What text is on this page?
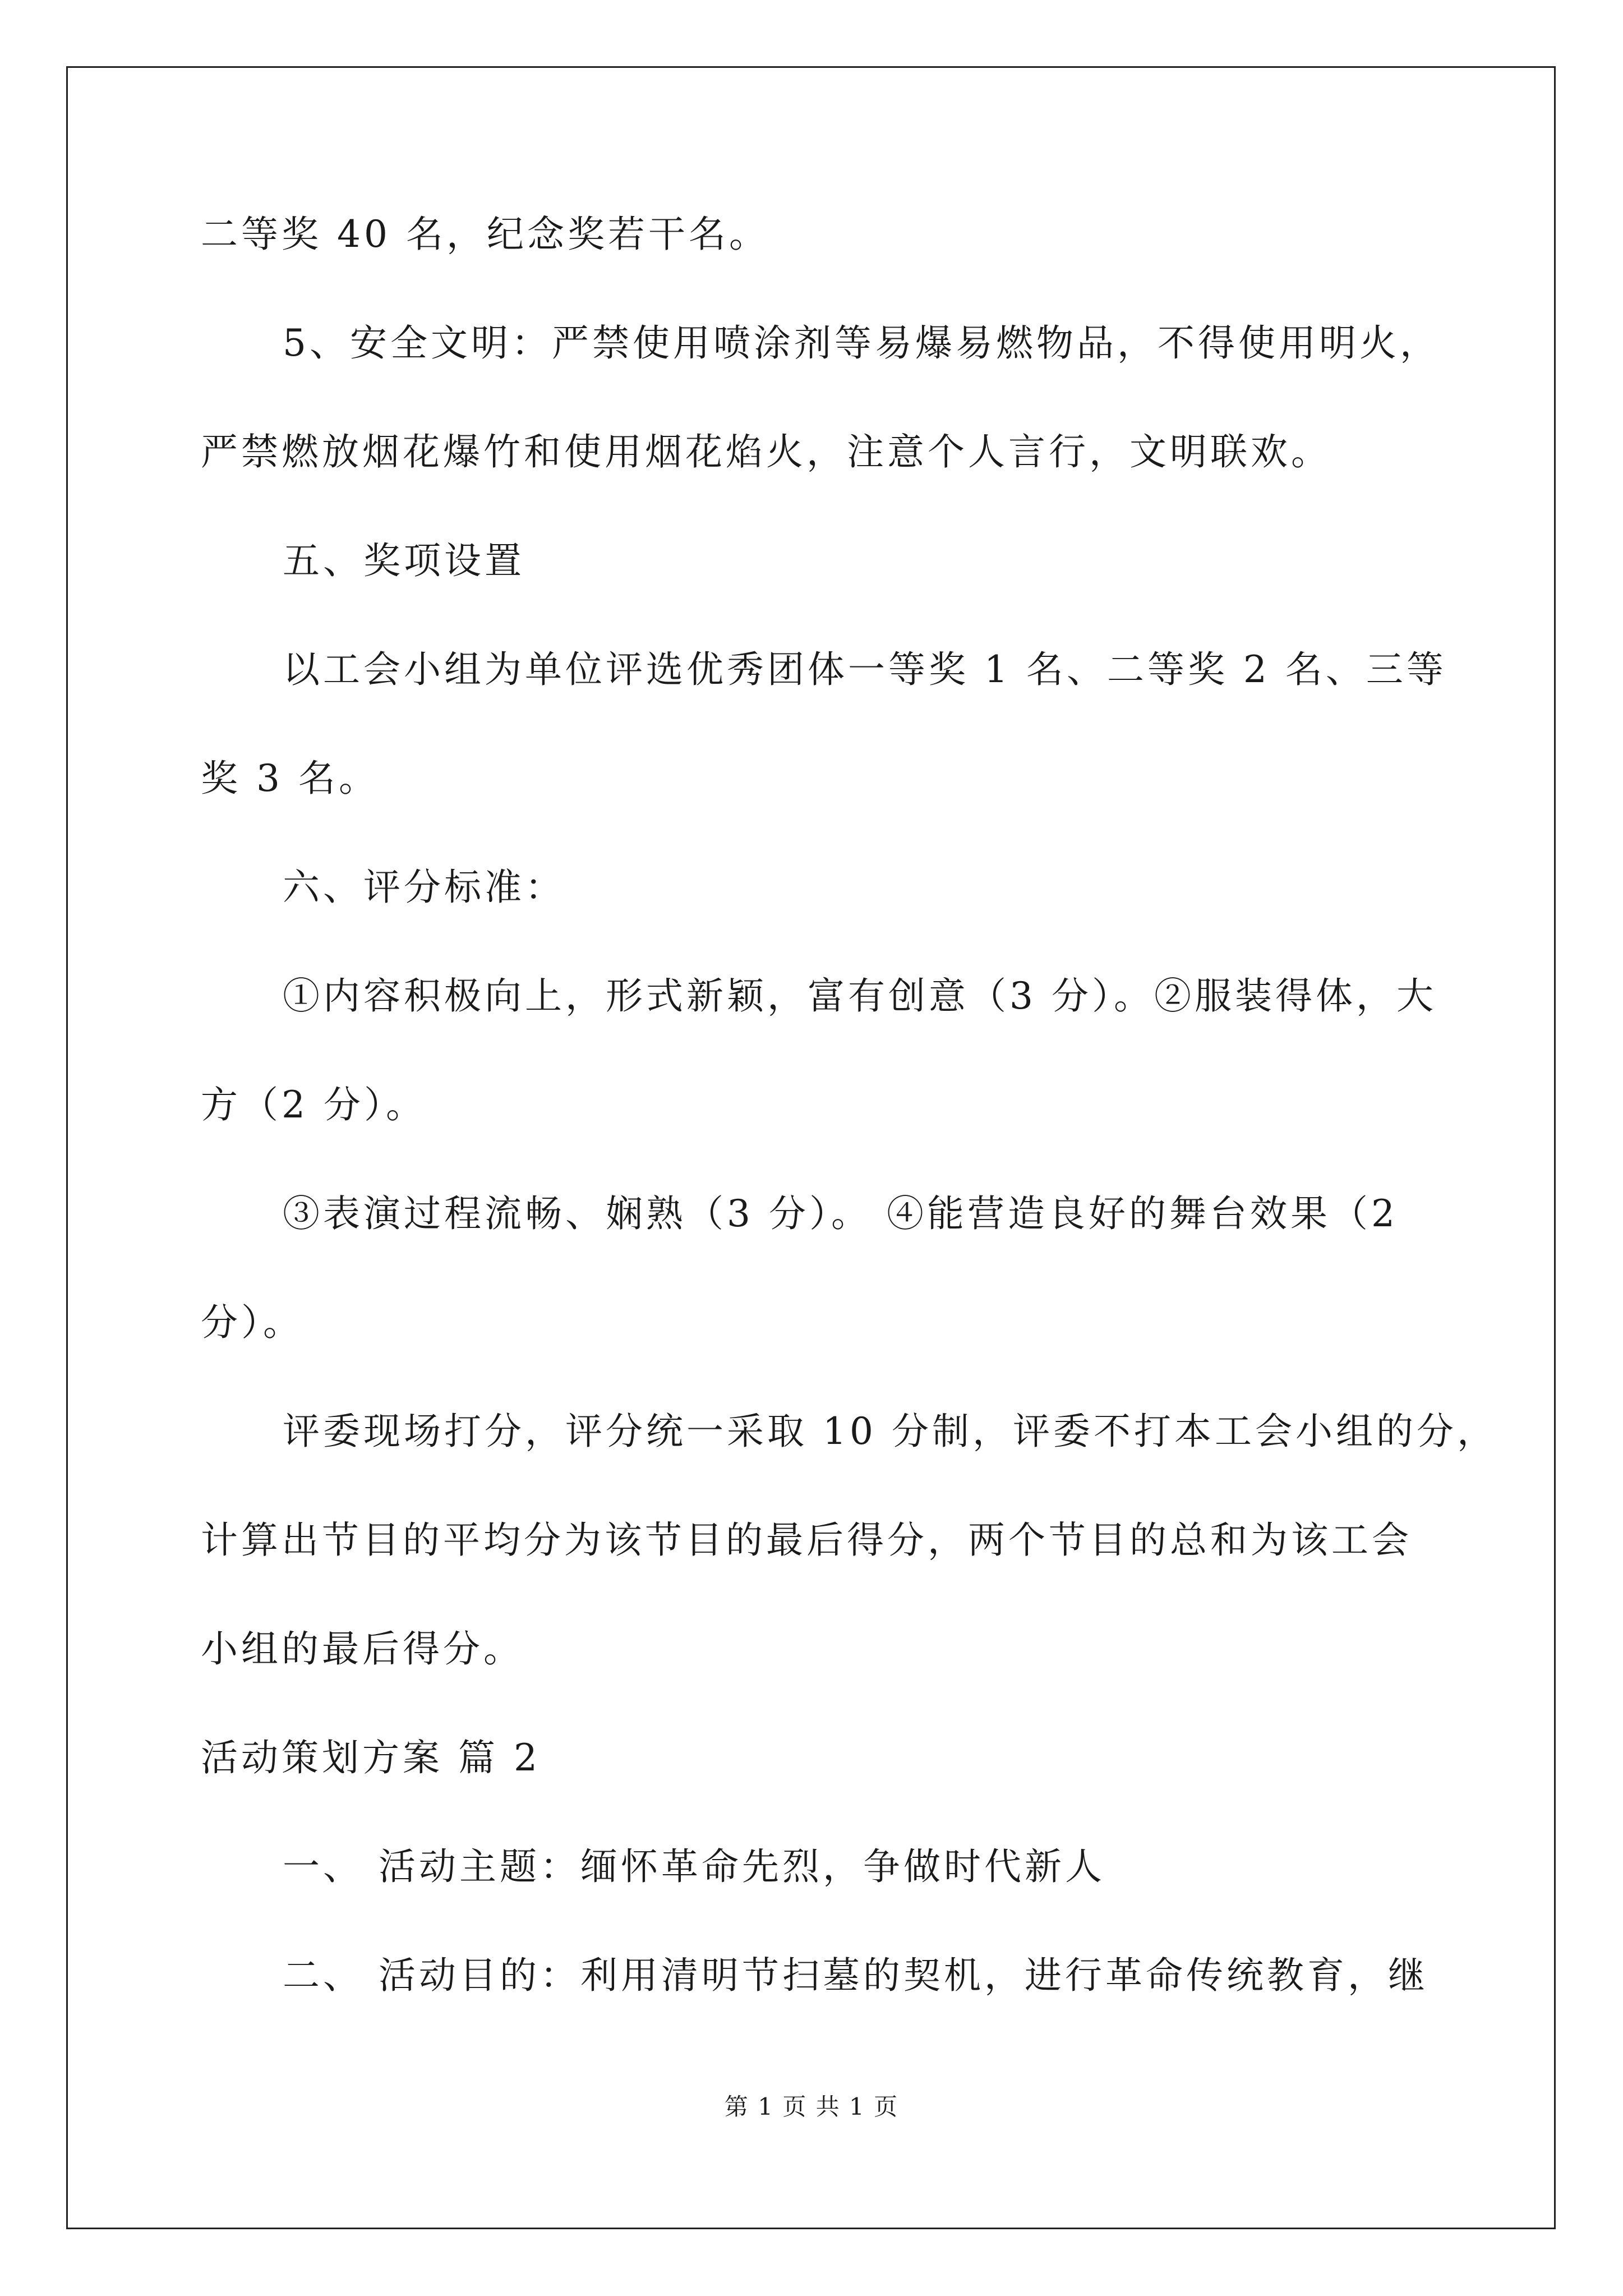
二等奖 40 名，纪念奖若干名。
5、安全文明：严禁使用喷涂剂等易爆易燃物品，不得使用明火，
严禁燃放烟花爆竹和使用烟花焰火，注意个人言行，文明联欢。
五、奖项设置
以工会小组为单位评选优秀团体一等奖 1 名、二等奖 2 名、三等
奖 3 名。
六、评分标准：
①内容积极向上，形式新颖，富有创意（3 分）。②服装得体，大
方（2 分）。
③表演过程流畅、娴熟（3 分）。 ④能营造良好的舞台效果（2
分）。
评委现场打分，评分统一采取 10 分制，评委不打本工会小组的分，
计算出节目的平均分为该节目的最后得分，两个节目的总和为该工会
小组的最后得分。
活动策划方案 篇 2
一、 活动主题：缅怀革命先烈，争做时代新人
二、 活动目的：利用清明节扫墓的契机，进行革命传统教育，继
第 1 页 共 1 页
